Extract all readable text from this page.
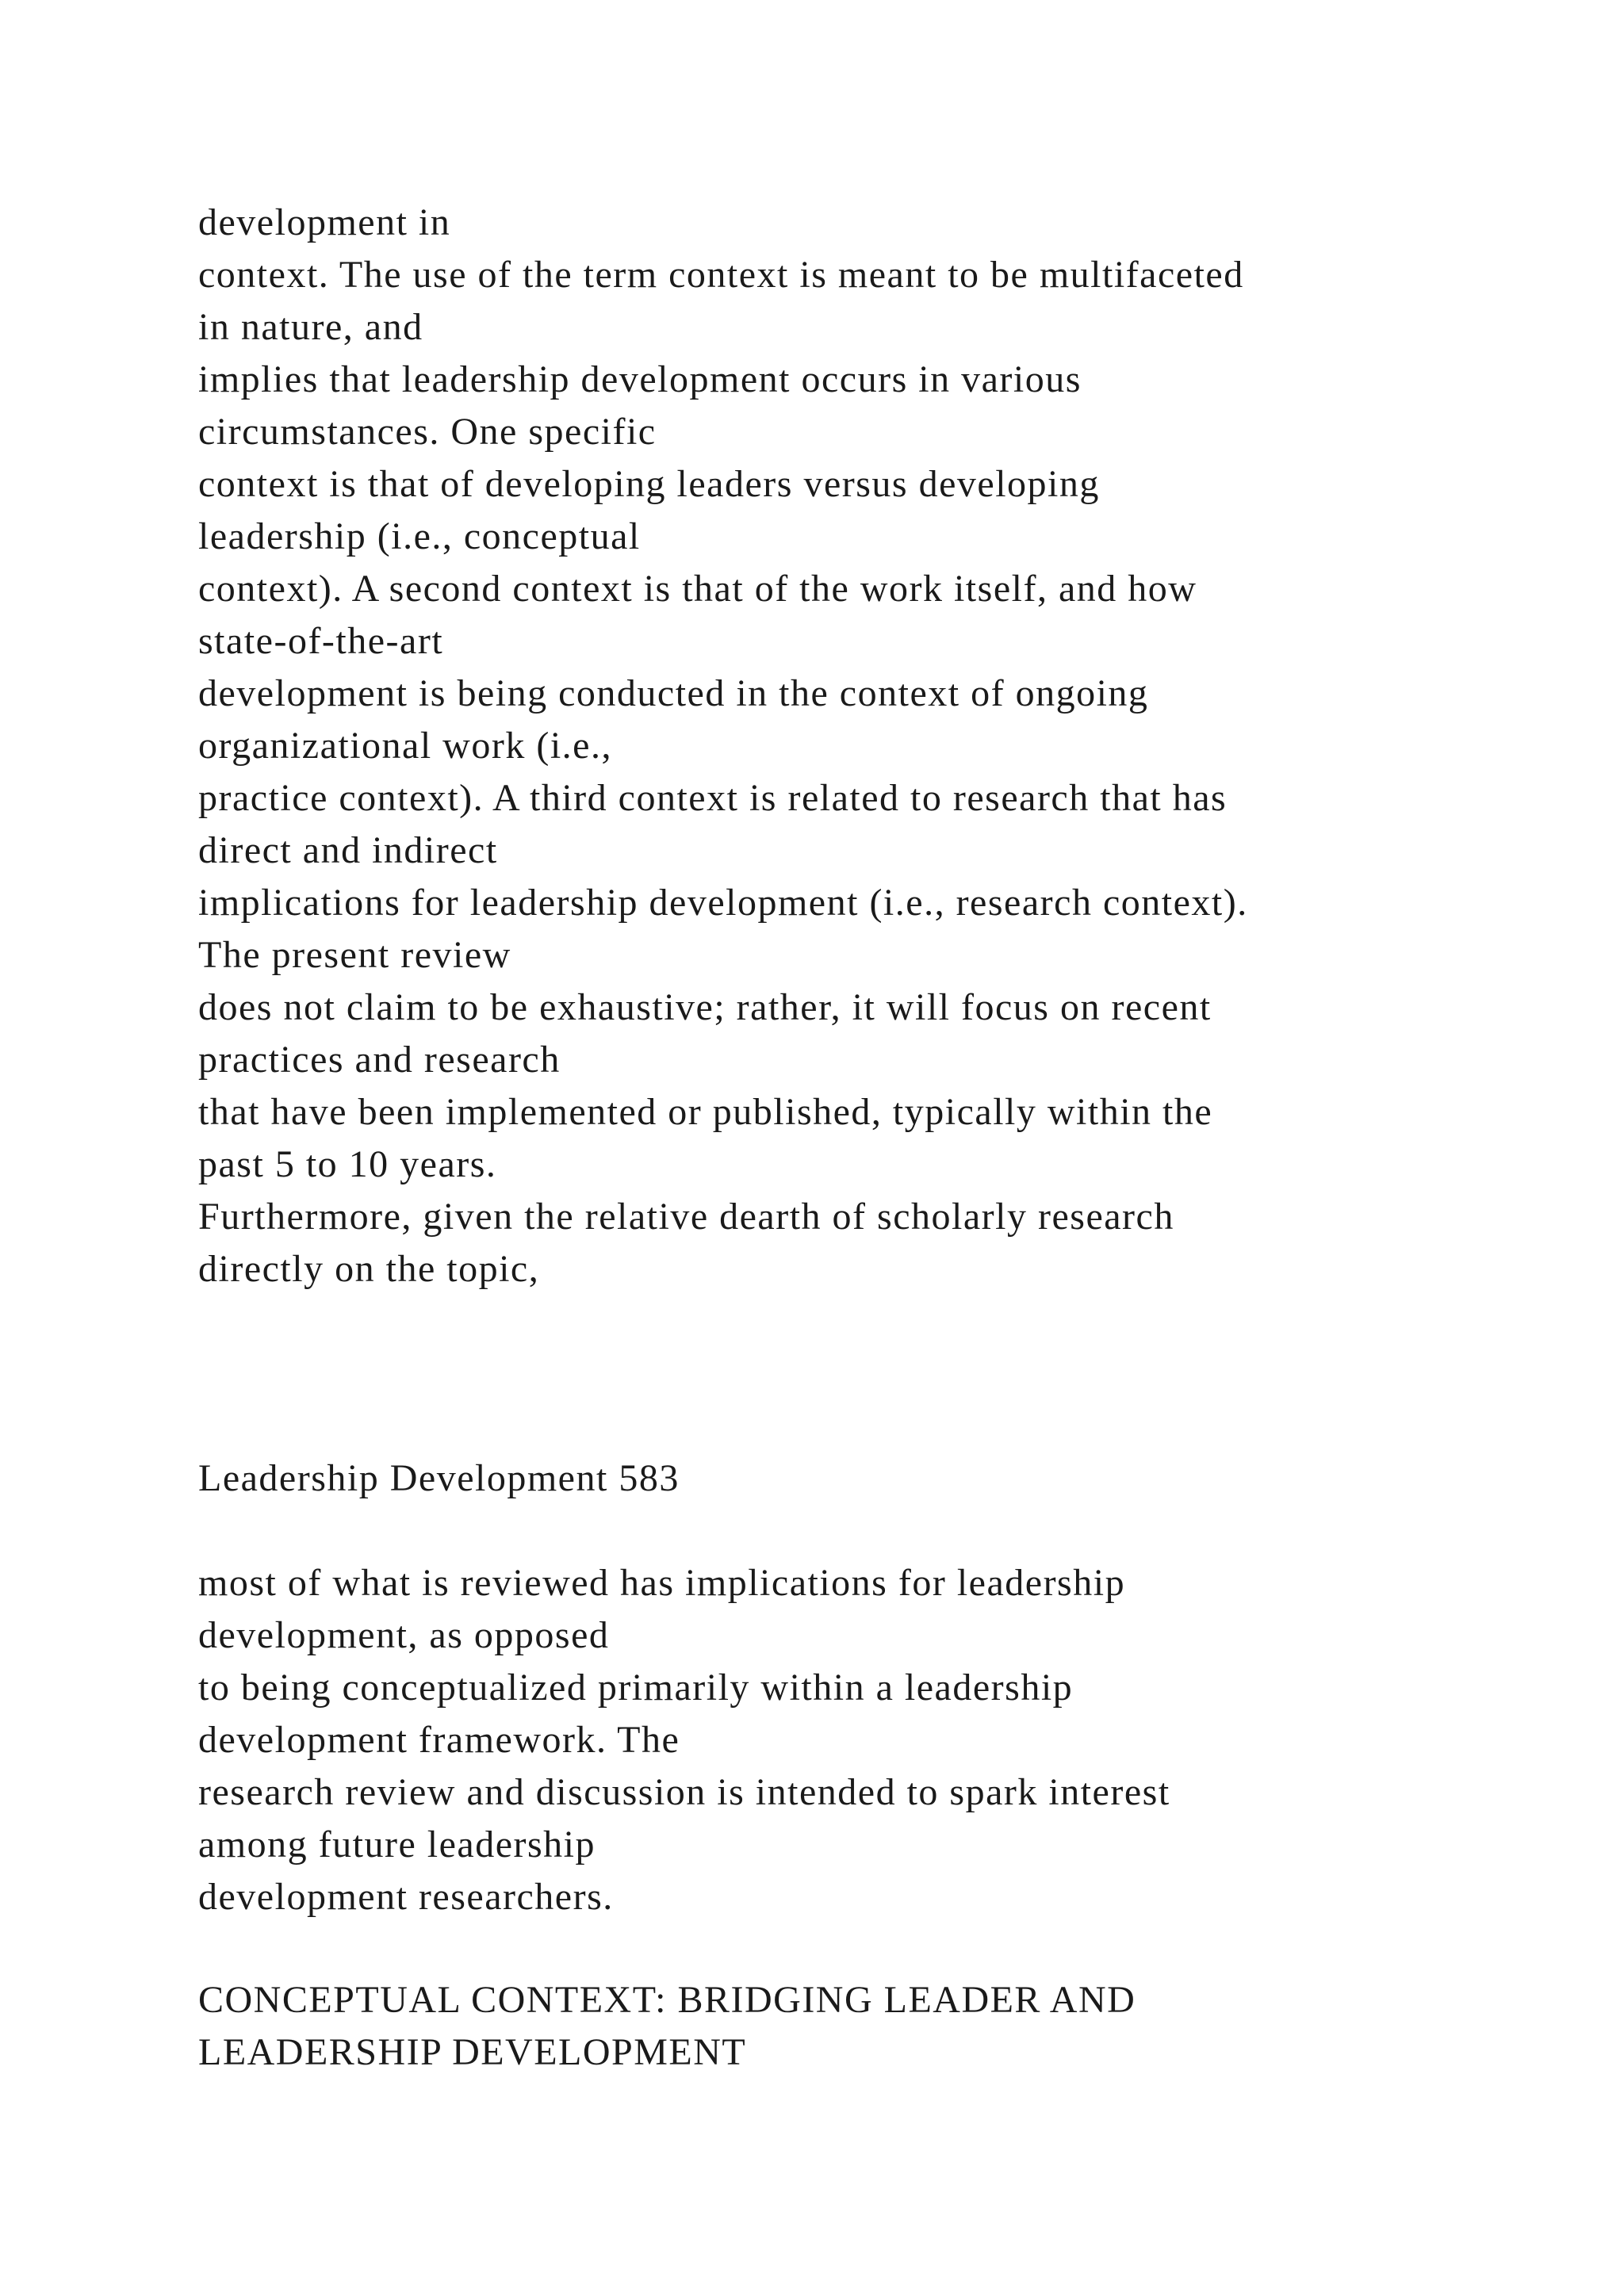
development in
context. The use of the term context is meant to be multifaceted
in nature, and
implies that leadership development occurs in various
circumstances. One specific
context is that of developing leaders versus developing
leadership (i.e., conceptual
context). A second context is that of the work itself, and how
state-of-the-art
development is being conducted in the context of ongoing
organizational work (i.e.,
practice context). A third context is related to research that has
direct and indirect
implications for leadership development (i.e., research context).
The present review
does not claim to be exhaustive; rather, it will focus on recent
practices and research
that have been implemented or published, typically within the
past 5 to 10 years.
Furthermore, given the relative dearth of scholarly research
directly on the topic,
Leadership Development 583
most of what is reviewed has implications for leadership
development, as opposed
to being conceptualized primarily within a leadership
development framework. The
research review and discussion is intended to spark interest
among future leadership
development researchers.
CONCEPTUAL CONTEXT: BRIDGING LEADER AND
LEADERSHIP DEVELOPMENT
